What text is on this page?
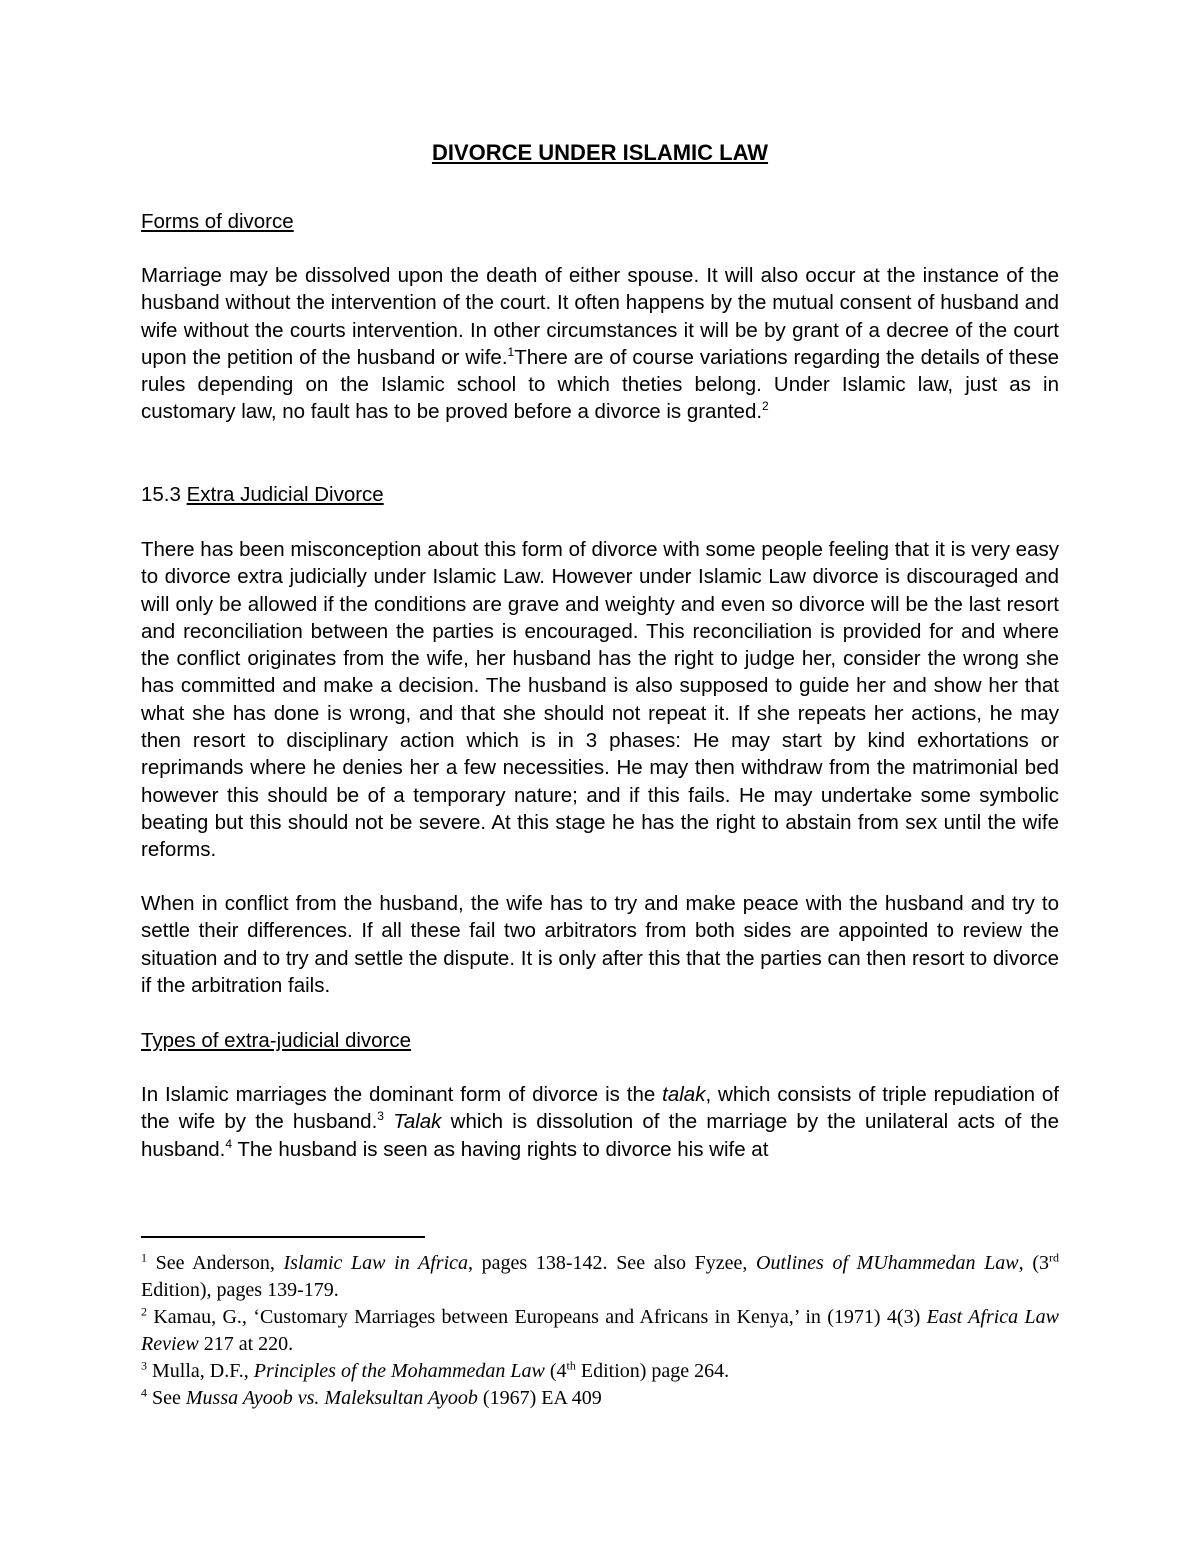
DIVORCE UNDER ISLAMIC LAW
Forms of divorce

Marriage may be dissolved upon the death of either spouse. It will also occur at the instance of the husband without the intervention of the court. It often happens by the mutual consent of husband and wife without the courts intervention. In other circumstances it will be by grant of a decree of the court upon the petition of the husband or wife.$^1$There are of course variations regarding the details of these rules depending on the Islamic school to which theties belong. Under Islamic law, just as in customary law, no fault has to be proved before a divorce is granted.$^2$

15.3 Extra Judicial Divorce

There has been misconception about this form of divorce with some people feeling that it is very easy to divorce extra judicially under Islamic Law. However under Islamic Law divorce is discouraged and will only be allowed if the conditions are grave and weighty and even so divorce will be the last resort and reconciliation between the parties is encouraged. This reconciliation is provided for and where the conflict originates from the wife, her husband has the right to judge her, consider the wrong she has committed and make a decision. The husband is also supposed to guide her and show her that what she has done is wrong, and that she should not repeat it. If she repeats her actions, he may then resort to disciplinary action which is in 3 phases: He may start by kind exhortations or reprimands where he denies her a few necessities. He may then withdraw from the matrimonial bed however this should be of a temporary nature; and if this fails. He may undertake some symbolic beating but this should not be severe. At this stage he has the right to abstain from sex until the wife reforms.

When in conflict from the husband, the wife has to try and make peace with the husband and try to settle their differences. If all these fail two arbitrators from both sides are appointed to review the situation and to try and settle the dispute. It is only after this that the parties can then resort to divorce if the arbitration fails.

Types of extra-judicial divorce

In Islamic marriages the dominant form of divorce is the talak, which consists of triple repudiation of the wife by the husband.$^3$ Talak which is dissolution of the marriage by the unilateral acts of the husband.$^4$ The husband is seen as having rights to divorce his wife at

$^1$ See Anderson, Islamic Law in Africa, pages 138-142. See also Fyzee, Outlines of MUhammedan Law, (3rd Edition), pages 139-179.
$^2$ Kamau, G., ‘Customary Marriages between Europeans and Africans in Kenya,’ in (1971) 4(3) East Africa Law Review 217 at 220.
$^3$ Mulla, D.F., Principles of the Mohammedan Law (4th Edition) page 264.
$^4$ See Mussa Ayoob vs. Maleksultan Ayoob (1967) EA 409
